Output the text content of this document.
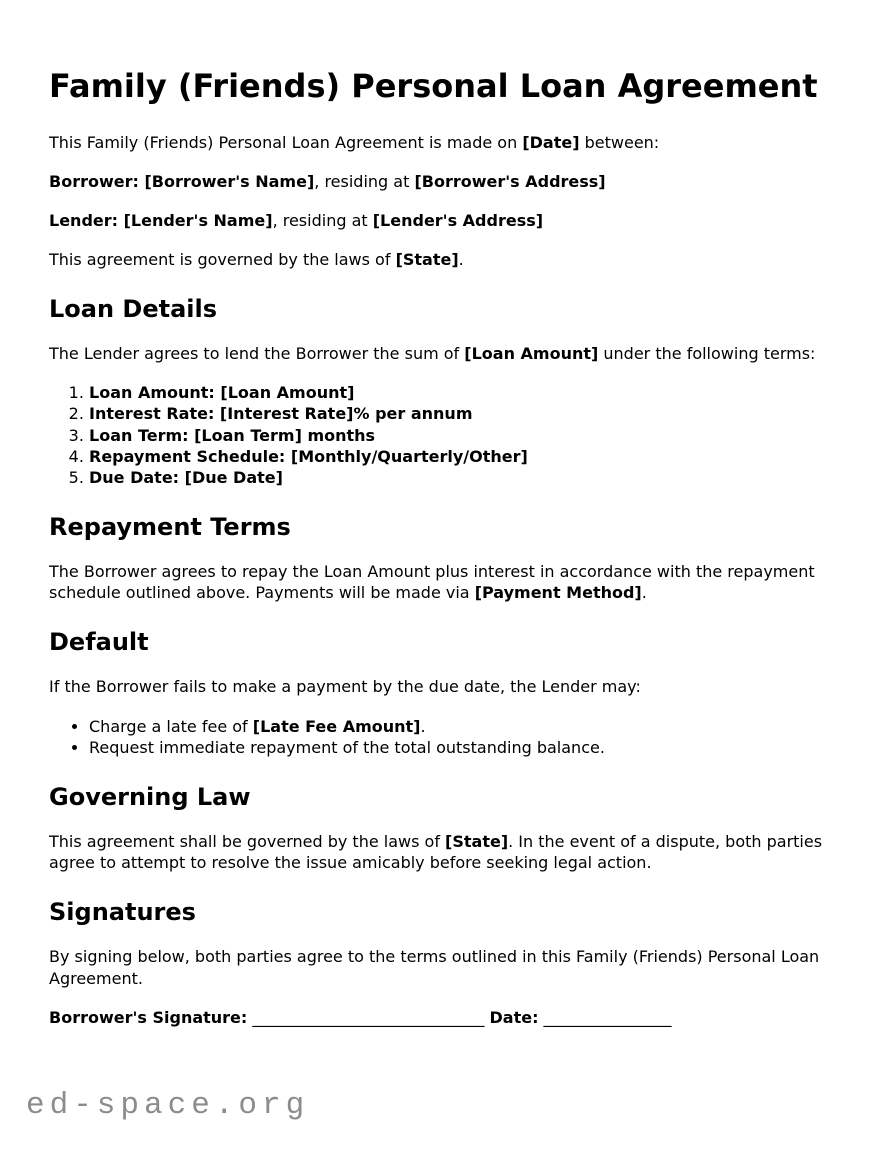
Family (Friends) Personal Loan Agreement

This Family (Friends) Personal Loan Agreement is made on [Date] between:

Borrower: [Borrower's Name], residing at [Borrower's Address]

Lender: [Lender's Name], residing at [Lender's Address]

This agreement is governed by the laws of [State].

Loan Details

The Lender agrees to lend the Borrower the sum of [Loan Amount] under the following terms:

1. Loan Amount: [Loan Amount]
2. Interest Rate: [Interest Rate]% per annum
3. Loan Term: [Loan Term] months
4. Repayment Schedule: [Monthly/Quarterly/Other]
5. Due Date: [Due Date]
Repayment Terms

The Borrower agrees to repay the Loan Amount plus interest in accordance with the repayment schedule outlined above. Payments will be made via [Payment Method].

Default

If the Borrower fails to make a payment by the due date, the Lender may:

• Charge a late fee of [Late Fee Amount].
• Request immediate repayment of the total outstanding balance.
Governing Law

This agreement shall be governed by the laws of [State]. In the event of a dispute, both parties agree to attempt to resolve the issue amicably before seeking legal action.

Signatures

By signing below, both parties agree to the terms outlined in this Family (Friends) Personal Loan Agreement.

Borrower's Signature: _____________________________ Date: ________________

ed-space.org
